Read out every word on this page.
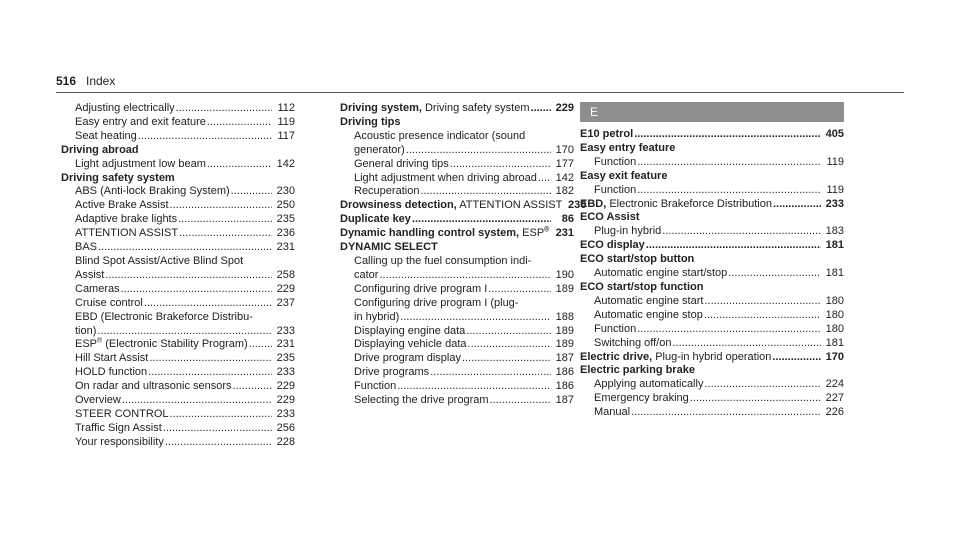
516 Index
Adjusting electrically .....	112
Easy entry and exit feature .....	119
Seat heating .....	117
Driving abroad
Light adjustment low beam .....	142
Driving safety system
ABS (Anti-lock Braking System) .....	230
Active Brake Assist .....	250
Adaptive brake lights .....	235
ATTENTION ASSIST .....	236
BAS .....	231
Blind Spot Assist/Active Blind Spot
Assist .....	258
Cameras .....	229
Cruise control .....	237
EBD (Electronic Brakeforce Distribu-
tion) .....	233
ESP® (Electronic Stability Program) .....	231
Hill Start Assist .....	235
HOLD function .....	233
On radar and ultrasonic sensors .....	229
Overview .....	229
STEER CONTROL .....	233
Traffic Sign Assist .....	256
Your responsibility .....	228
Driving system, Driving safety system ..... 229
Driving tips
Acoustic presence indicator (sound
generator) .....	170
General driving tips .....	177
Light adjustment when driving abroad ..... 142
Recuperation .....	182
Drowsiness detection, ATTENTION ASSIST 236
Duplicate key .....	86
Dynamic handling control system, ESP® ..... 231
DYNAMIC SELECT
Calling up the fuel consumption indi-
cator .....	190
Configuring drive program I .....	189
Configuring drive program I (plug-
in hybrid) .....	188
Displaying engine data .....	189
Displaying vehicle data .....	189
Drive program display .....	187
Drive programs .....	186
Function .....	186
Selecting the drive program .....	187
E
E10 petrol .....	405
Easy entry feature
Function .....	119
Easy exit feature
Function .....	119
EBD, Electronic Brakeforce Distribution .....	233
ECO Assist
Plug-in hybrid .....	183
ECO display .....	181
ECO start/stop button
Automatic engine start/stop .....	181
ECO start/stop function
Automatic engine start .....	180
Automatic engine stop .....	180
Function .....	180
Switching off/on .....	181
Electric drive, Plug-in hybrid operation .....	170
Electric parking brake
Applying automatically .....	224
Emergency braking .....	227
Manual .....	226
